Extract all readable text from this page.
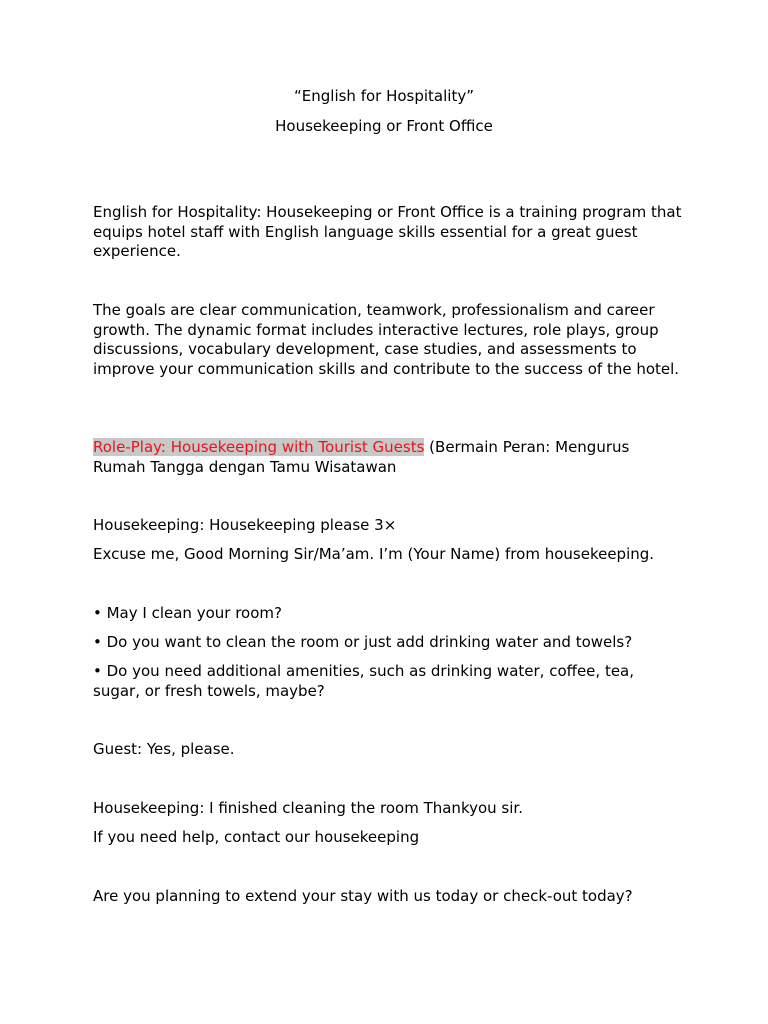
“English for Hospitality”

Housekeeping or Front Office

English for Hospitality: Housekeeping or Front Office is a training program that equips hotel staff with English language skills essential for a great guest experience.

The goals are clear communication, teamwork, professionalism and career growth. The dynamic format includes interactive lectures, role plays, group discussions, vocabulary development, case studies, and assessments to improve your communication skills and contribute to the success of the hotel.

Role-Play: Housekeeping with Tourist Guests (Bermain Peran: Mengurus Rumah Tangga dengan Tamu Wisatawan

Housekeeping: Housekeeping please 3×

Excuse me, Good Morning Sir/Ma’am. I’m (Your Name) from housekeeping.

• May I clean your room?

• Do you want to clean the room or just add drinking water and towels?

• Do you need additional amenities, such as drinking water, coffee, tea, sugar, or fresh towels, maybe?

Guest: Yes, please.

Housekeeping: I finished cleaning the room Thankyou sir.

If you need help, contact our housekeeping

Are you planning to extend your stay with us today or check-out today?
